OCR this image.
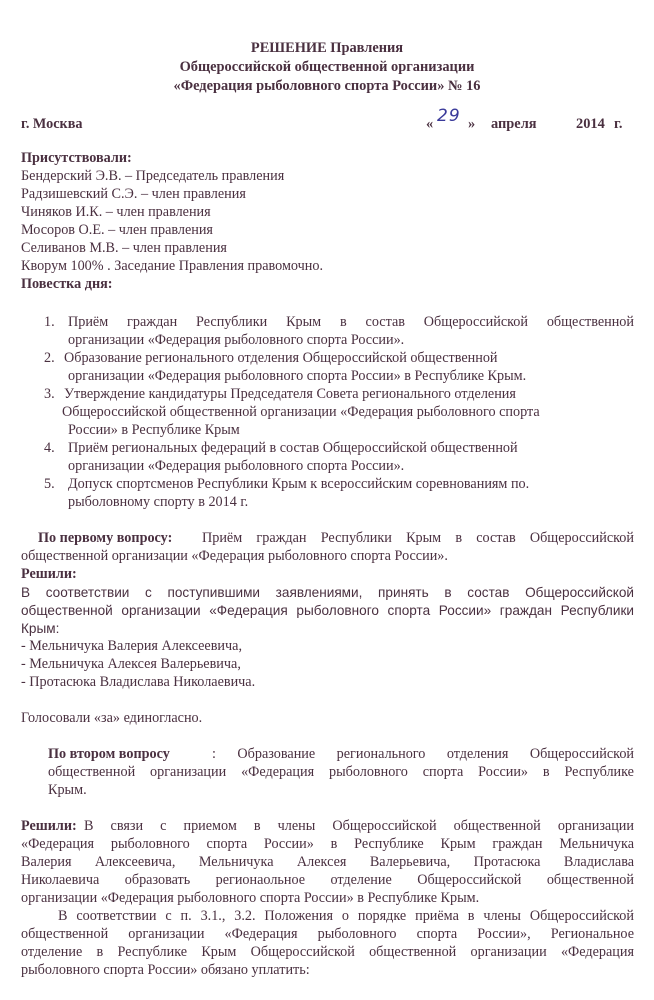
РЕШЕНИЕ Правления
Общероссийской общественной организации
«Федерация рыболовного спорта России» № 16
г. Москва	« 29 » апреля	2014 г.
Присутствовали:
Бендерский Э.В. – Председатель правления
Радзишевский С.Э. – член правления
Чиняков И.К. – член правления
Мосоров О.Е. – член правления
Селиванов М.В. – член правления
Кворум 100% . Заседание Правления правомочно.
Повестка дня:
1. Приём граждан Республики Крым в состав Общероссийской общественной
организации «Федерация рыболовного спорта России».
2. Образование регионального отделения Общероссийской общественной
организации «Федерация рыболовного спорта России» в Республике Крым.
3. Утверждение кандидатуры Председателя Совета регионального отделения
Общероссийской общественной организации «Федерация рыболовного спорта
России» в Республике Крым
4. Приём региональных федераций в состав Общероссийской общественной
организации «Федерация рыболовного спорта России».
5. Допуск спортсменов Республики Крым к всероссийским соревнованиям по.
рыболовному спорту в 2014 г.
По первому вопросу: Приём граждан Республики Крым в состав Общероссийской
общественной организации «Федерация рыболовного спорта России».
Решили:
В соответствии с поступившими заявлениями, принять в состав Общероссийской
общественной организации «Федерация рыболовного спорта России» граждан Республики
Крым:
- Мельничука Валерия Алексеевича,
- Мельничука Алексея Валерьевича,
- Протасюка Владислава Николаевича.
Голосовали «за» единогласно.
По втором вопросу	: Образование регионального отделения Общероссийской
общественной организации «Федерация рыболовного спорта России» в Республике
Крым.
Решили: В связи с приемом в члены Общероссийской общественной организации
«Федерация рыболовного спорта России» в Республике Крым граждан Мельничука
Валерия Алексеевича, Мельничука Алексея Валерьевича, Протасюка Владислава
Николаевича образовать регионаольное отделение Общероссийской общественной
организации «Федерация рыболовного спорта России» в Республике Крым.
В соответствии с п. 3.1., 3.2. Положения о порядке приёма в члены Общероссийской
общественной организации «Федерация рыболовного спорта России», Региональное
отделение в Республике Крым Общероссийской общественной организации «Федерация
рыболовного спорта России» обязано уплатить:
